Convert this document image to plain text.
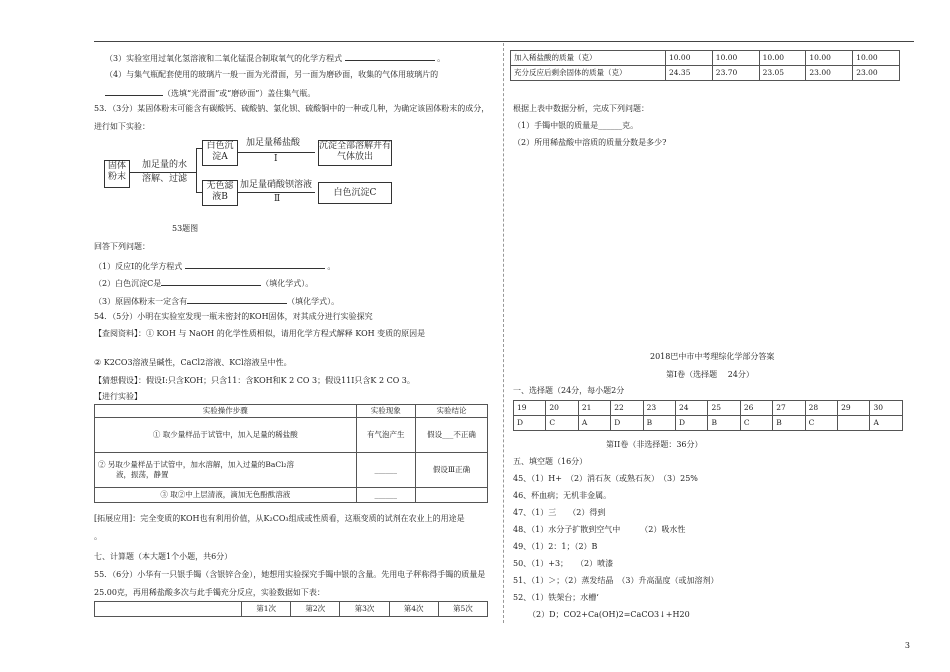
（3）实验室用过氧化氢溶液和二氧化锰混合制取氧气的化学方程式	。
（4）与集气瓶配套使用的玻璃片一般一面为光滑面，另一面为磨砂面，收集的气体用玻璃片的
（选填“光滑面”或“磨砂面”）盖住集气瓶。
53．（3分）某固体粉末可能含有碳酸钙、硫酸钠、氯化钡、硫酸铜中的一种或几种，为确定该固体粉末的成分，
进行如下实验：
固体粉末
加足量的水
溶解、过滤
白色沉淀A
加足量稀盐酸
Ⅰ
沉淀全部溶解并有气体放出
无色滤液B
加足量硝酸钡溶液
Ⅱ
白色沉淀C
53题图
回答下列问题：
（1）反应Ⅰ的化学方程式	。
（2）白色沉淀C是	（填化学式）。
（3）原固体粉末一定含有	（填化学式）。
54．（5分）小明在实验室发现一瓶未密封的KOH固体，对其成分进行实验探究
【查阅资料】：① KOH 与 NaOH 的化学性质相似，请用化学方程式解释 KOH 变质的原因是
② K2CO3溶液呈碱性，CaCl2溶液、KCl溶液呈中性。
【猜想假设】：假设Ⅰ:只含KOH；只含11：含KOH和K 2 CO 3；假设11I只含K 2 CO 3。
【进行实验】
实验操作步骤	实验现象	实验结论
① 取少量样品于试管中，加入足量的稀盐酸	有气泡产生	假设___不正确

② 另取少量样品于试管中，加水溶解，加入过量的BaCl₂溶
液，振荡，静置	______	假设Ⅲ正确
③ 取②中上层清液，滴加无色酚酞溶液	______	
[拓展应用]：完全变质的KOH也有利用价值，从K₂CO₃组成或性质看，这瓶变质的试剂在农业上的用途是
。
七、计算题（本大题1个小题，共6分）
55．（6分）小华有一只银手镯（含银锌合金），她想用实验探究手镯中银的含量。先用电子秤称得手镯的质量是
25.00克，再用稀盐酸多次与此手镯充分反应，实验数据如下表：
	第1次	第2次	第3次	第4次	第5次
加入稀盐酸的质量（克）	10.00	10.00	10.00	10.00	10.00
充分反应后剩余固体的质量（克）	24.35	23.70	23.05	23.00	23.00
根据上表中数据分析，完成下列问题：
（1）手镯中银的质量是______克。
（2）所用稀盐酸中溶质的质量分数是多少?
2018巴中市中考理综化学部分答案
第Ⅰ卷（选择题　 24分）
一、选择题（24分，每小题2分
19	20	21	22	23	24	25	26	27	28	29	30
D	C	A	D	B	D	B	C	B	C		A
第II卷（非选择题：36分）
五、填空题（16分）
45、（1）H+　（2）消石灰（或熟石灰）　（3）25%
46、杯血病；无机非金属。
47、（1）三　　（2）得到
48、（1）水分子扩散到空气中　　　（2）吸水性
49、（1）2：1；（2）B
50、（1）+3；　　（2）喷漆
51、（1）＞；（2）蒸发结晶　（3）升高温度（或加溶剂）
52、（1）铁架台；水槽‘
（2）D；CO2+Ca(OH)2=CaCO3↓+H20
3
